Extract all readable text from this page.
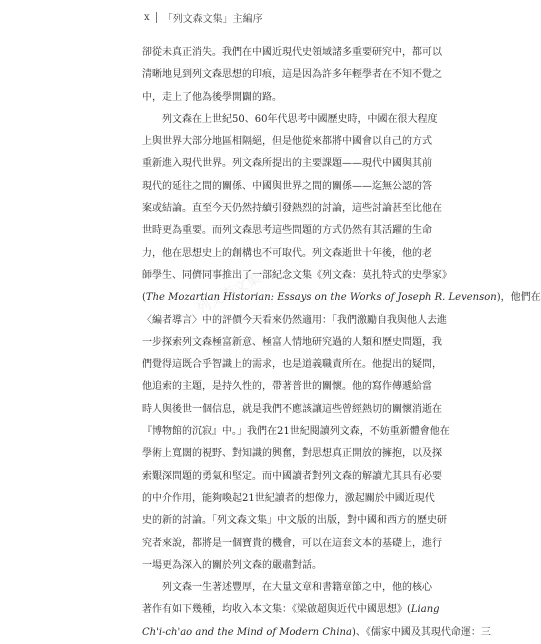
x 「列文森文集」主編序
卻從未真正消失。我們在中國近現代史領域諸多重要研究中，都可以
清晰地見到列文森思想的印痕，這是因為許多年輕學者在不知不覺之
中，走上了他為後學開闢的路。
列文森在上世紀50、60年代思考中國歷史時，中國在很大程度
上與世界大部分地區相隔絕，但是他從來都將中國會以自己的方式
重新進入現代世界。列文森所提出的主要課題——現代中國與其前
現代的延往之間的關係、中國與世界之間的關係——迄無公認的答
案或結論。直至今天仍然持續引發熱烈的討論，這些討論甚至比他在
世時更為重要。而列文森思考這些問題的方式仍然有其活躍的生命
力，他在思想史上的創構也不可取代。列文森逝世十年後，他的老
師學生、同儕同事推出了一部紀念文集《列文森：莫扎特式的史學家》
(The Mozartian Historian: Essays on the Works of Joseph R. Levenson)，他們在
〈編者導言〉中的評價今天看來仍然適用：「我們激勵自我與他人去進
一步探索列文森極富新意、極富人情地研究過的人類和歷史問題，我
們覺得這既合乎智識上的需求，也是道義職責所在。他提出的疑問，
他追索的主題，是持久性的，帶著普世的關懷。他的寫作傳遞給當
時人與後世一個信息，就是我們不應該讓這些曾經熱切的關懷消逝在
『博物館的沉寂』中。」我們在21世紀閱讀列文森，不妨重新體會他在
學術上寬闊的視野、對知識的興奮，對思想真正開放的擁抱，以及探
索艱深問題的勇氣和堅定。而中國讀者對列文森的解讀尤其具有必要
的中介作用，能夠喚起21世紀讀者的想像力，激起關於中國近現代
史的新的討論。「列文森文集」中文版的出版，對中國和西方的歷史研
究者來說，都將是一個寶貴的機會，可以在這套文本的基礎上，進行
一場更為深入的關於列文森的嚴肅對話。
列文森一生著述豐厚，在大量文章和書籍章節之中，他的核心
著作有如下幾種，均收入本文集：《梁啟超與近代中國思想》(Liang
Ch'i-ch'ao and the Mind of Modern China)、《儒家中國及其現代命運：三
列文森文集
